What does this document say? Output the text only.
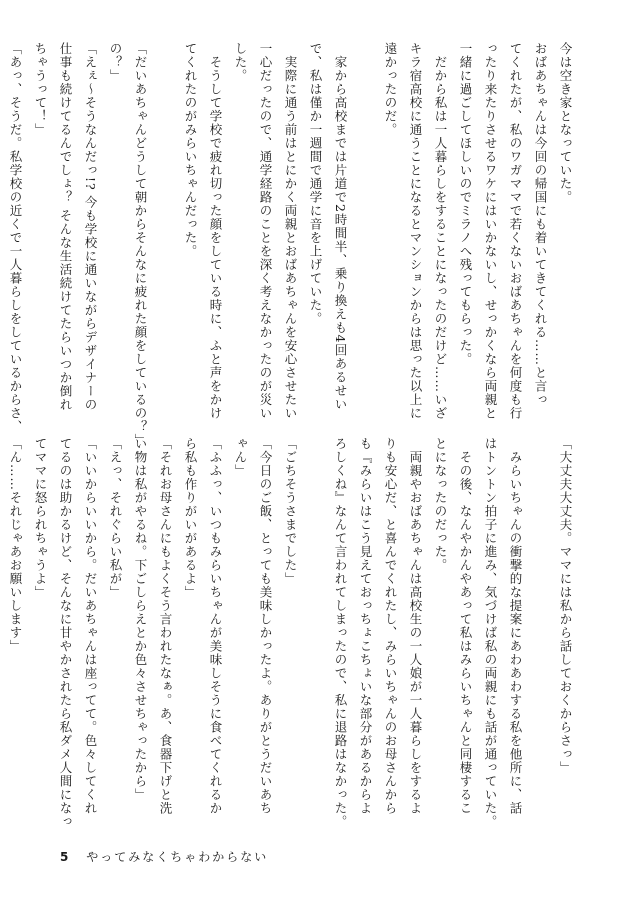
今は空き家となっていた。
おばあちゃんは今回の帰国にも着いてきてくれる……と言っ
てくれたが、私のワガママで若くないおばあちゃんを何度も行
ったり来たりさせるワケにはいかないし、せっかくなら両親と
一緒に過ごしてほしいのでミラノへ残ってもらった。
　だから私は一人暮らしをすることになったのだけど……いざ
キラ宿高校に通うことになるとマンションからは思った以上に
遠かったのだ。
　家から高校までは片道で2時間半、乗り換えも4回あるせい
で、私は僅か一週間で通学に音を上げていた。
　実際に通う前はとにかく両親とおばあちゃんを安心させたい
一心だったので、通学経路のことを深く考えなかったのが災い
した。
　そうして学校で疲れ切った顔をしている時に、ふと声をかけ
てくれたのがみらいちゃんだった。
「だいあちゃんどうして朝からそんなに疲れた顔をしているの？」
の？」
「えぇ～そうなんだっ!? 今も学校に通いながらデザイナーの
仕事も続けてるんでしょ？ そんな生活続けてたらいつか倒れ
ちゃうって！」
「あっ、そうだ。私学校の近くで一人暮らしをしているからさ、
「大丈夫大丈夫。ママには私から話しておくからさっ」
　みらいちゃんの衝撃的な提案にあわあわする私を他所に、話
はトントン拍子に進み、気づけば私の両親にも話が通っていた。
　その後、なんやかんやあって私はみらいちゃんと同棲するこ
とになったのだった。
　両親やおばあちゃんは高校生の一人娘が一人暮らしをするよ
りも安心だ、と喜んでくれたし、みらいちゃんのお母さんから
も『みらいはこう見えておっちょこちょいな部分があるからよ
ろしくね』なんて言われてしまったので、私に退路はなかった。
「ごちそうさまでした」
「今日のご飯、とっても美味しかったよ。ありがとうだいあち
ゃん」
「ふふっ、いつもみらいちゃんが美味しそうに食べてくれるか
ら私も作りがいがあるよ」
「それお母さんにもよくそう言われたなぁ。あ、食器下げと洗
い物は私がやるね。下ごしらえとか色々させちゃったから」
「えっ、それぐらい私が」
「いいからいいから。だいあちゃんは座ってて。色々してくれ
てるのは助かるけど、そんなに甘やかされたら私ダメ人間になっ
てママに怒られちゃうよ」
「ん……それじゃあお願いします」
5 やってみなくちゃわからない
